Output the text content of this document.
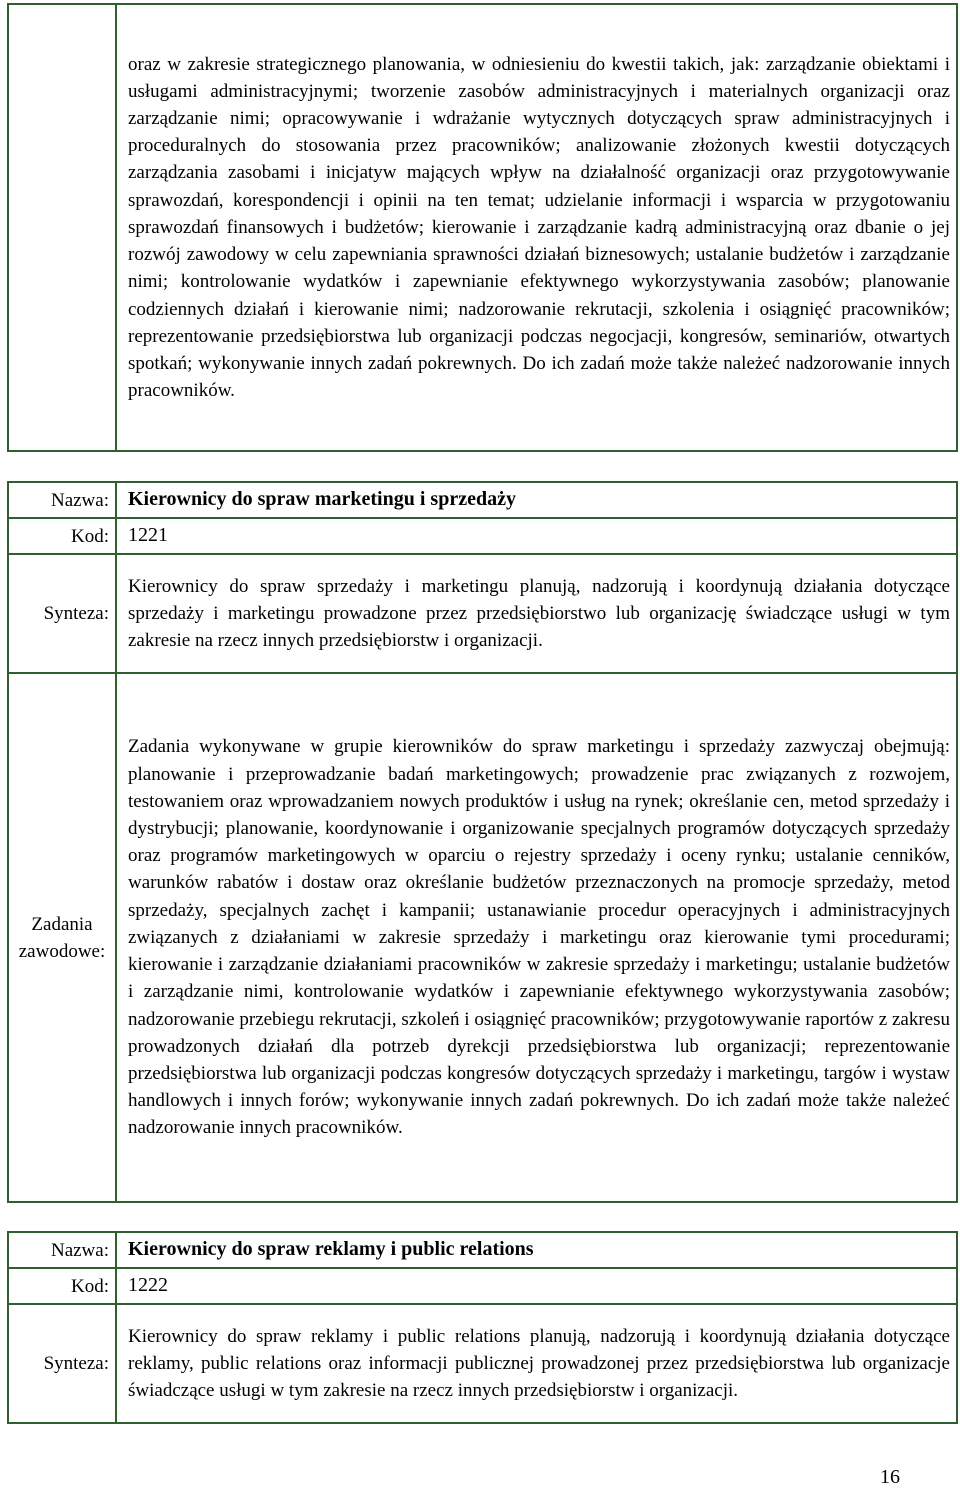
	oraz w zakresie strategicznego planowania, w odniesieniu do kwestii takich, jak: zarządzanie obiektami i usługami administracyjnymi; tworzenie zasobów administracyjnych i materialnych organizacji oraz zarządzanie nimi; opracowywanie i wdrażanie wytycznych dotyczących spraw administracyjnych i proceduralnych do stosowania przez pracowników; analizowanie złożonych kwestii dotyczących zarządzania zasobami i inicjatyw mających wpływ na działalność organizacji oraz przygotowywanie sprawozdań, korespondencji i opinii na ten temat; udzielanie informacji i wsparcia w przygotowaniu sprawozdań finansowych i budżetów; kierowanie i zarządzanie kadrą administracyjną oraz dbanie o jej rozwój zawodowy w celu zapewniania sprawności działań biznesowych; ustalanie budżetów i zarządzanie nimi; kontrolowanie wydatków i zapewnianie efektywnego wykorzystywania zasobów; planowanie codziennych działań i kierowanie nimi; nadzorowanie rekrutacji, szkolenia i osiągnięć pracowników; reprezentowanie przedsiębiorstwa lub organizacji podczas negocjacji, kongresów, seminariów, otwartych spotkań; wykonywanie innych zadań pokrewnych. Do ich zadań może także należeć nadzorowanie innych pracowników.
Nazwa:	Kierownicy do spraw marketingu i sprzedaży
Kod:	1221
Synteza:	Kierownicy do spraw sprzedaży i marketingu planują, nadzorują i koordynują działania dotyczące sprzedaży i marketingu prowadzone przez przedsiębiorstwo lub organizację świadczące usługi w tym zakresie na rzecz innych przedsiębiorstw i organizacji.
Zadania zawodowe:	Zadania wykonywane w grupie kierowników do spraw marketingu i sprzedaży zazwyczaj obejmują: planowanie i przeprowadzanie badań marketingowych; prowadzenie prac związanych z rozwojem, testowaniem oraz wprowadzaniem nowych produktów i usług na rynek; określanie cen, metod sprzedaży i dystrybucji; planowanie, koordynowanie i organizowanie specjalnych programów dotyczących sprzedaży oraz programów marketingowych w oparciu o rejestry sprzedaży i oceny rynku; ustalanie cenników, warunków rabatów i dostaw oraz określanie budżetów przeznaczonych na promocje sprzedaży, metod sprzedaży, specjalnych zachęt i kampanii; ustanawianie procedur operacyjnych i administracyjnych związanych z działaniami w zakresie sprzedaży i marketingu oraz kierowanie tymi procedurami; kierowanie i zarządzanie działaniami pracowników w zakresie sprzedaży i marketingu; ustalanie budżetów i zarządzanie nimi, kontrolowanie wydatków i zapewnianie efektywnego wykorzystywania zasobów; nadzorowanie przebiegu rekrutacji, szkoleń i osiągnięć pracowników; przygotowywanie raportów z zakresu prowadzonych działań dla potrzeb dyrekcji przedsiębiorstwa lub organizacji; reprezentowanie przedsiębiorstwa lub organizacji podczas kongresów dotyczących sprzedaży i marketingu, targów i wystaw handlowych i innych forów; wykonywanie innych zadań pokrewnych. Do ich zadań może także należeć nadzorowanie innych pracowników.
Nazwa:	Kierownicy do spraw reklamy i public relations
Kod:	1222
Synteza:	Kierownicy do spraw reklamy i public relations planują, nadzorują i koordynują działania dotyczące reklamy, public relations oraz informacji publicznej prowadzonej przez przedsiębiorstwa lub organizacje świadczące usługi w tym zakresie na rzecz innych przedsiębiorstw i organizacji.
16
